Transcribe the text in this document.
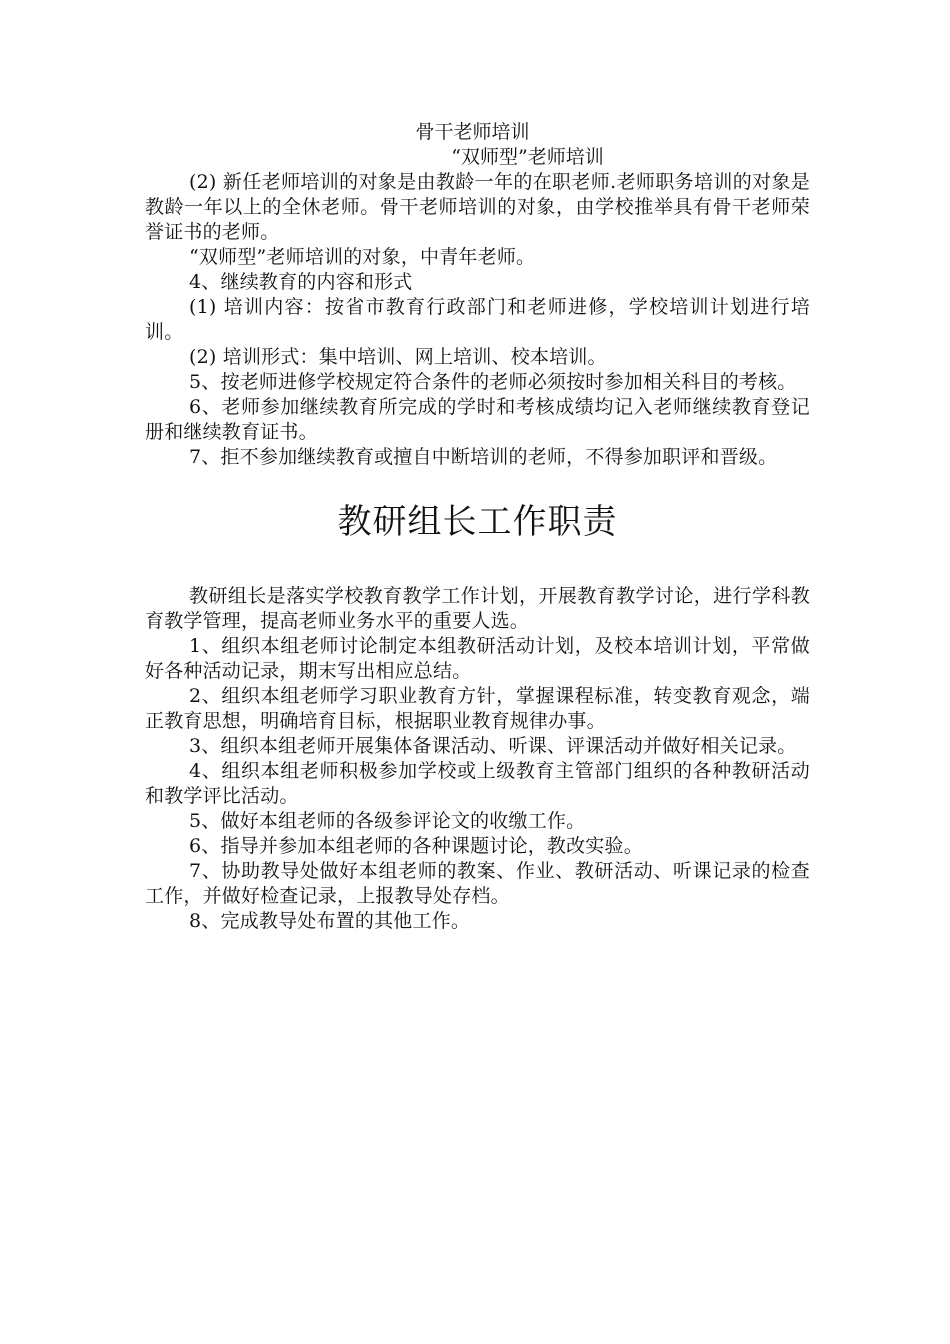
骨干老师培训
“双师型”老师培训

(2) 新任老师培训的对象是由教龄一年的在职老师.老师职务培训的对象是教龄一年以上的全休老师。骨干老师培训的对象，由学校推举具有骨干老师荣誉证书的老师。

“双师型”老师培训的对象，中青年老师。

4、继续教育的内容和形式

(1) 培训内容：按省市教育行政部门和老师进修，学校培训计划进行培训。

(2) 培训形式：集中培训、网上培训、校本培训。

5、按老师进修学校规定符合条件的老师必须按时参加相关科目的考核。

6、老师参加继续教育所完成的学时和考核成绩均记入老师继续教育登记册和继续教育证书。

7、拒不参加继续教育或擅自中断培训的老师，不得参加职评和晋级。

教研组长工作职责

教研组长是落实学校教育教学工作计划，开展教育教学讨论，进行学科教育教学管理，提高老师业务水平的重要人选。

1、组织本组老师讨论制定本组教研活动计划，及校本培训计划，平常做好各种活动记录，期末写出相应总结。

2、组织本组老师学习职业教育方针，掌握课程标准，转变教育观念，端正教育思想，明确培育目标，根据职业教育规律办事。

3、组织本组老师开展集体备课活动、听课、评课活动并做好相关记录。

4、组织本组老师积极参加学校或上级教育主管部门组织的各种教研活动和教学评比活动。

5、做好本组老师的各级参评论文的收缴工作。

6、指导并参加本组老师的各种课题讨论，教改实验。

7、协助教导处做好本组老师的教案、作业、教研活动、听课记录的检查工作，并做好检查记录，上报教导处存档。

8、完成教导处布置的其他工作。
